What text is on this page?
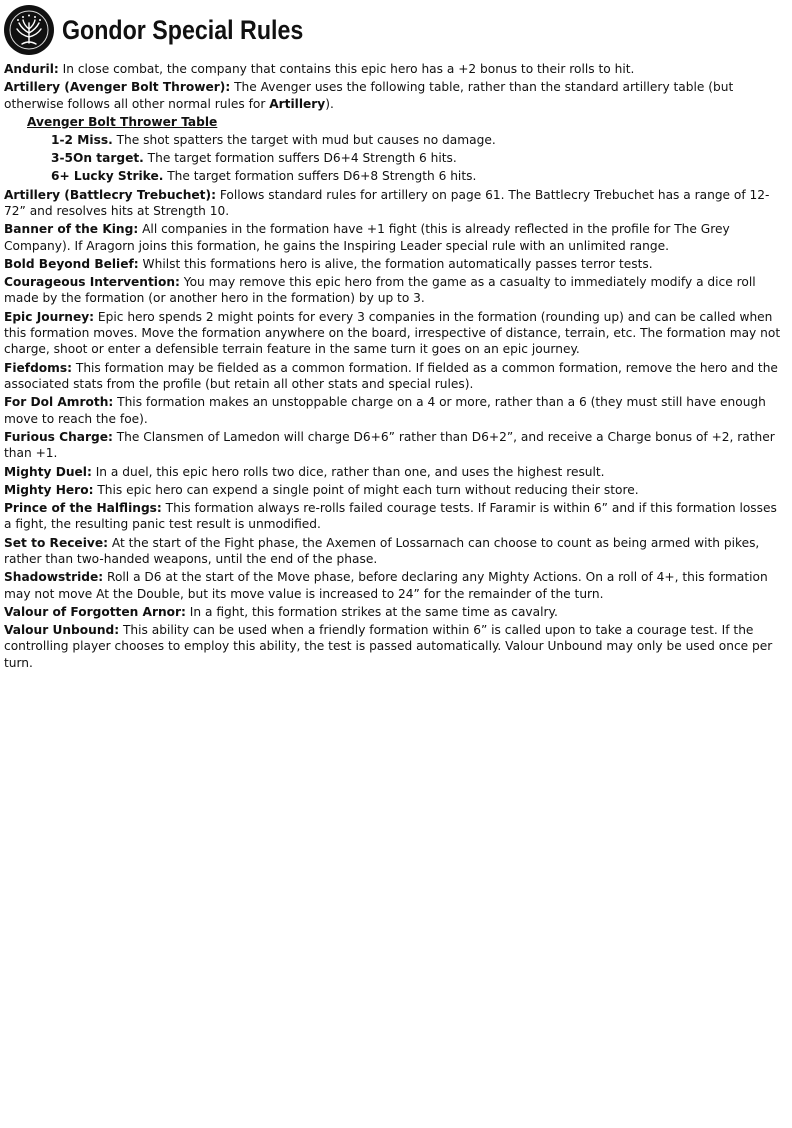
Gondor Special Rules
Anduril: In close combat, the company that contains this epic hero has a +2 bonus to their rolls to hit.
Artillery (Avenger Bolt Thrower): The Avenger uses the following table, rather than the standard artillery table (but otherwise follows all other normal rules for Artillery).
Avenger Bolt Thrower Table
1-2 Miss. The shot spatters the target with mud but causes no damage.
3-5On target. The target formation suffers D6+4 Strength 6 hits.
6+ Lucky Strike. The target formation suffers D6+8 Strength 6 hits.
Artillery (Battlecry Trebuchet): Follows standard rules for artillery on page 61. The Battlecry Trebuchet has a range of 12-72” and resolves hits at Strength 10.
Banner of the King: All companies in the formation have +1 fight (this is already reflected in the profile for The Grey Company). If Aragorn joins this formation, he gains the Inspiring Leader special rule with an unlimited range.
Bold Beyond Belief: Whilst this formations hero is alive, the formation automatically passes terror tests.
Courageous Intervention: You may remove this epic hero from the game as a casualty to immediately modify a dice roll made by the formation (or another hero in the formation) by up to 3.
Epic Journey: Epic hero spends 2 might points for every 3 companies in the formation (rounding up) and can be called when this formation moves. Move the formation anywhere on the board, irrespective of distance, terrain, etc. The formation may not charge, shoot or enter a defensible terrain feature in the same turn it goes on an epic journey.
Fiefdoms: This formation may be fielded as a common formation. If fielded as a common formation, remove the hero and the associated stats from the profile (but retain all other stats and special rules).
For Dol Amroth: This formation makes an unstoppable charge on a 4 or more, rather than a 6 (they must still have enough move to reach the foe).
Furious Charge: The Clansmen of Lamedon will charge D6+6” rather than D6+2”, and receive a Charge bonus of +2, rather than +1.
Mighty Duel: In a duel, this epic hero rolls two dice, rather than one, and uses the highest result.
Mighty Hero: This epic hero can expend a single point of might each turn without reducing their store.
Prince of the Halflings: This formation always re-rolls failed courage tests. If Faramir is within 6” and if this formation losses a fight, the resulting panic test result is unmodified.
Set to Receive: At the start of the Fight phase, the Axemen of Lossarnach can choose to count as being armed with pikes, rather than two-handed weapons, until the end of the phase.
Shadowstride: Roll a D6 at the start of the Move phase, before declaring any Mighty Actions. On a roll of 4+, this formation may not move At the Double, but its move value is increased to 24” for the remainder of the turn.
Valour of Forgotten Arnor: In a fight, this formation strikes at the same time as cavalry.
Valour Unbound: This ability can be used when a friendly formation within 6” is called upon to take a courage test. If the controlling player chooses to employ this ability, the test is passed automatically. Valour Unbound may only be used once per turn.
